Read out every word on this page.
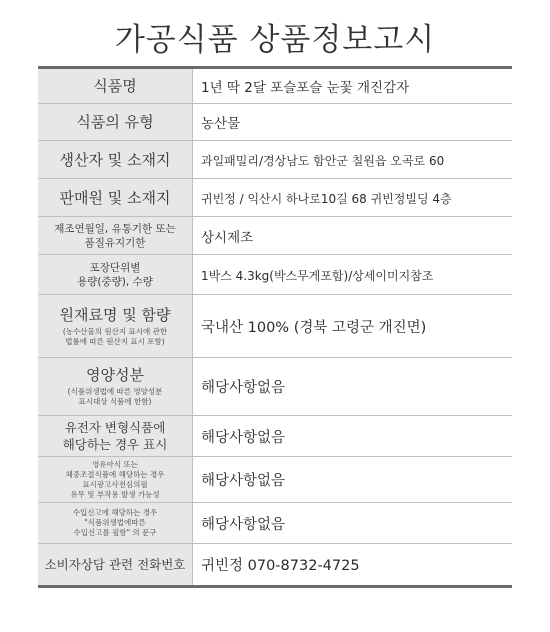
가공식품 상품정보고시
식품명	1년 딱 2달 포슬포슬 눈꽃 개진감자

식품의 유형	농산물

생산자 및 소재지	과일패밀리/경상남도 함안군 칠원읍 오곡로 60

판매원 및 소재지	귀빈정 / 익산시 하나로10길 68 귀빈정빌딩 4층

제조연월일, 유통기한 또는
품질유지기한	상시제조

포장단위별
용량(중량), 수량	1박스 4.3kg(박스무게포함)/상세이미지참조

원재료명 및 함량
(농수산물의 원산지 표시에 관한
법률에 따른 원산지 표시 포함)	국내산 100% (경북 고령군 개진면)

영양성분
(식품위생법에 따른 영양성분
표시대상 식품에 한함)	해당사항없음

유전자 변형식품에
해당하는 경우 표시	해당사항없음

영유아식 또는
체중조절식품에 해당하는 경우
표시광고사전심의필
유무 및 부작용 발생 가능성	해당사항없음

수입신고에 해당하는 경우
"식품위생법에따른
수입신고를 필함" 의 문구	해당사항없음

소비자상담 관련 전화번호	귀빈정 070-8732-4725
